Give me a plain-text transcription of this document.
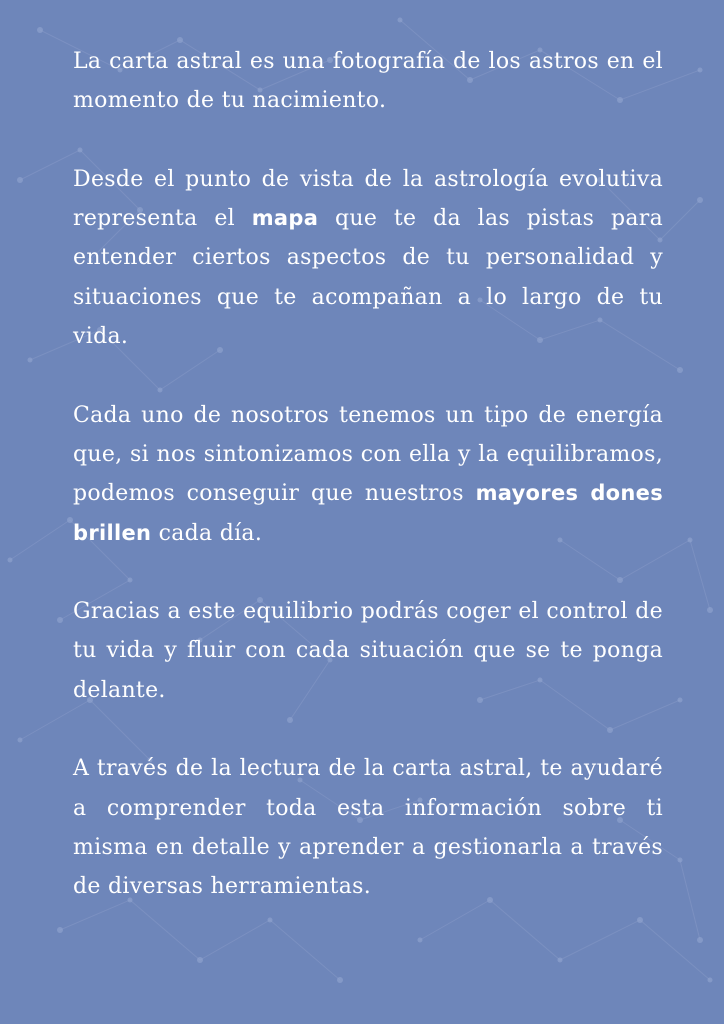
La carta astral es una fotografía de los astros en el momento de tu nacimiento.

Desde el punto de vista de la astrología evolutiva representa el mapa que te da las pistas para entender ciertos aspectos de tu personalidad y situaciones que te acompañan a lo largo de tu vida.

Cada uno de nosotros tenemos un tipo de energía que, si nos sintonizamos con ella y la equilibramos, podemos conseguir que nuestros mayores dones brillen cada día.

Gracias a este equilibrio podrás coger el control de tu vida y fluir con cada situación que se te ponga delante.

A través de la lectura de la carta astral, te ayudaré a comprender toda esta información sobre ti misma en detalle y aprender a gestionarla a través de diversas herramientas.
